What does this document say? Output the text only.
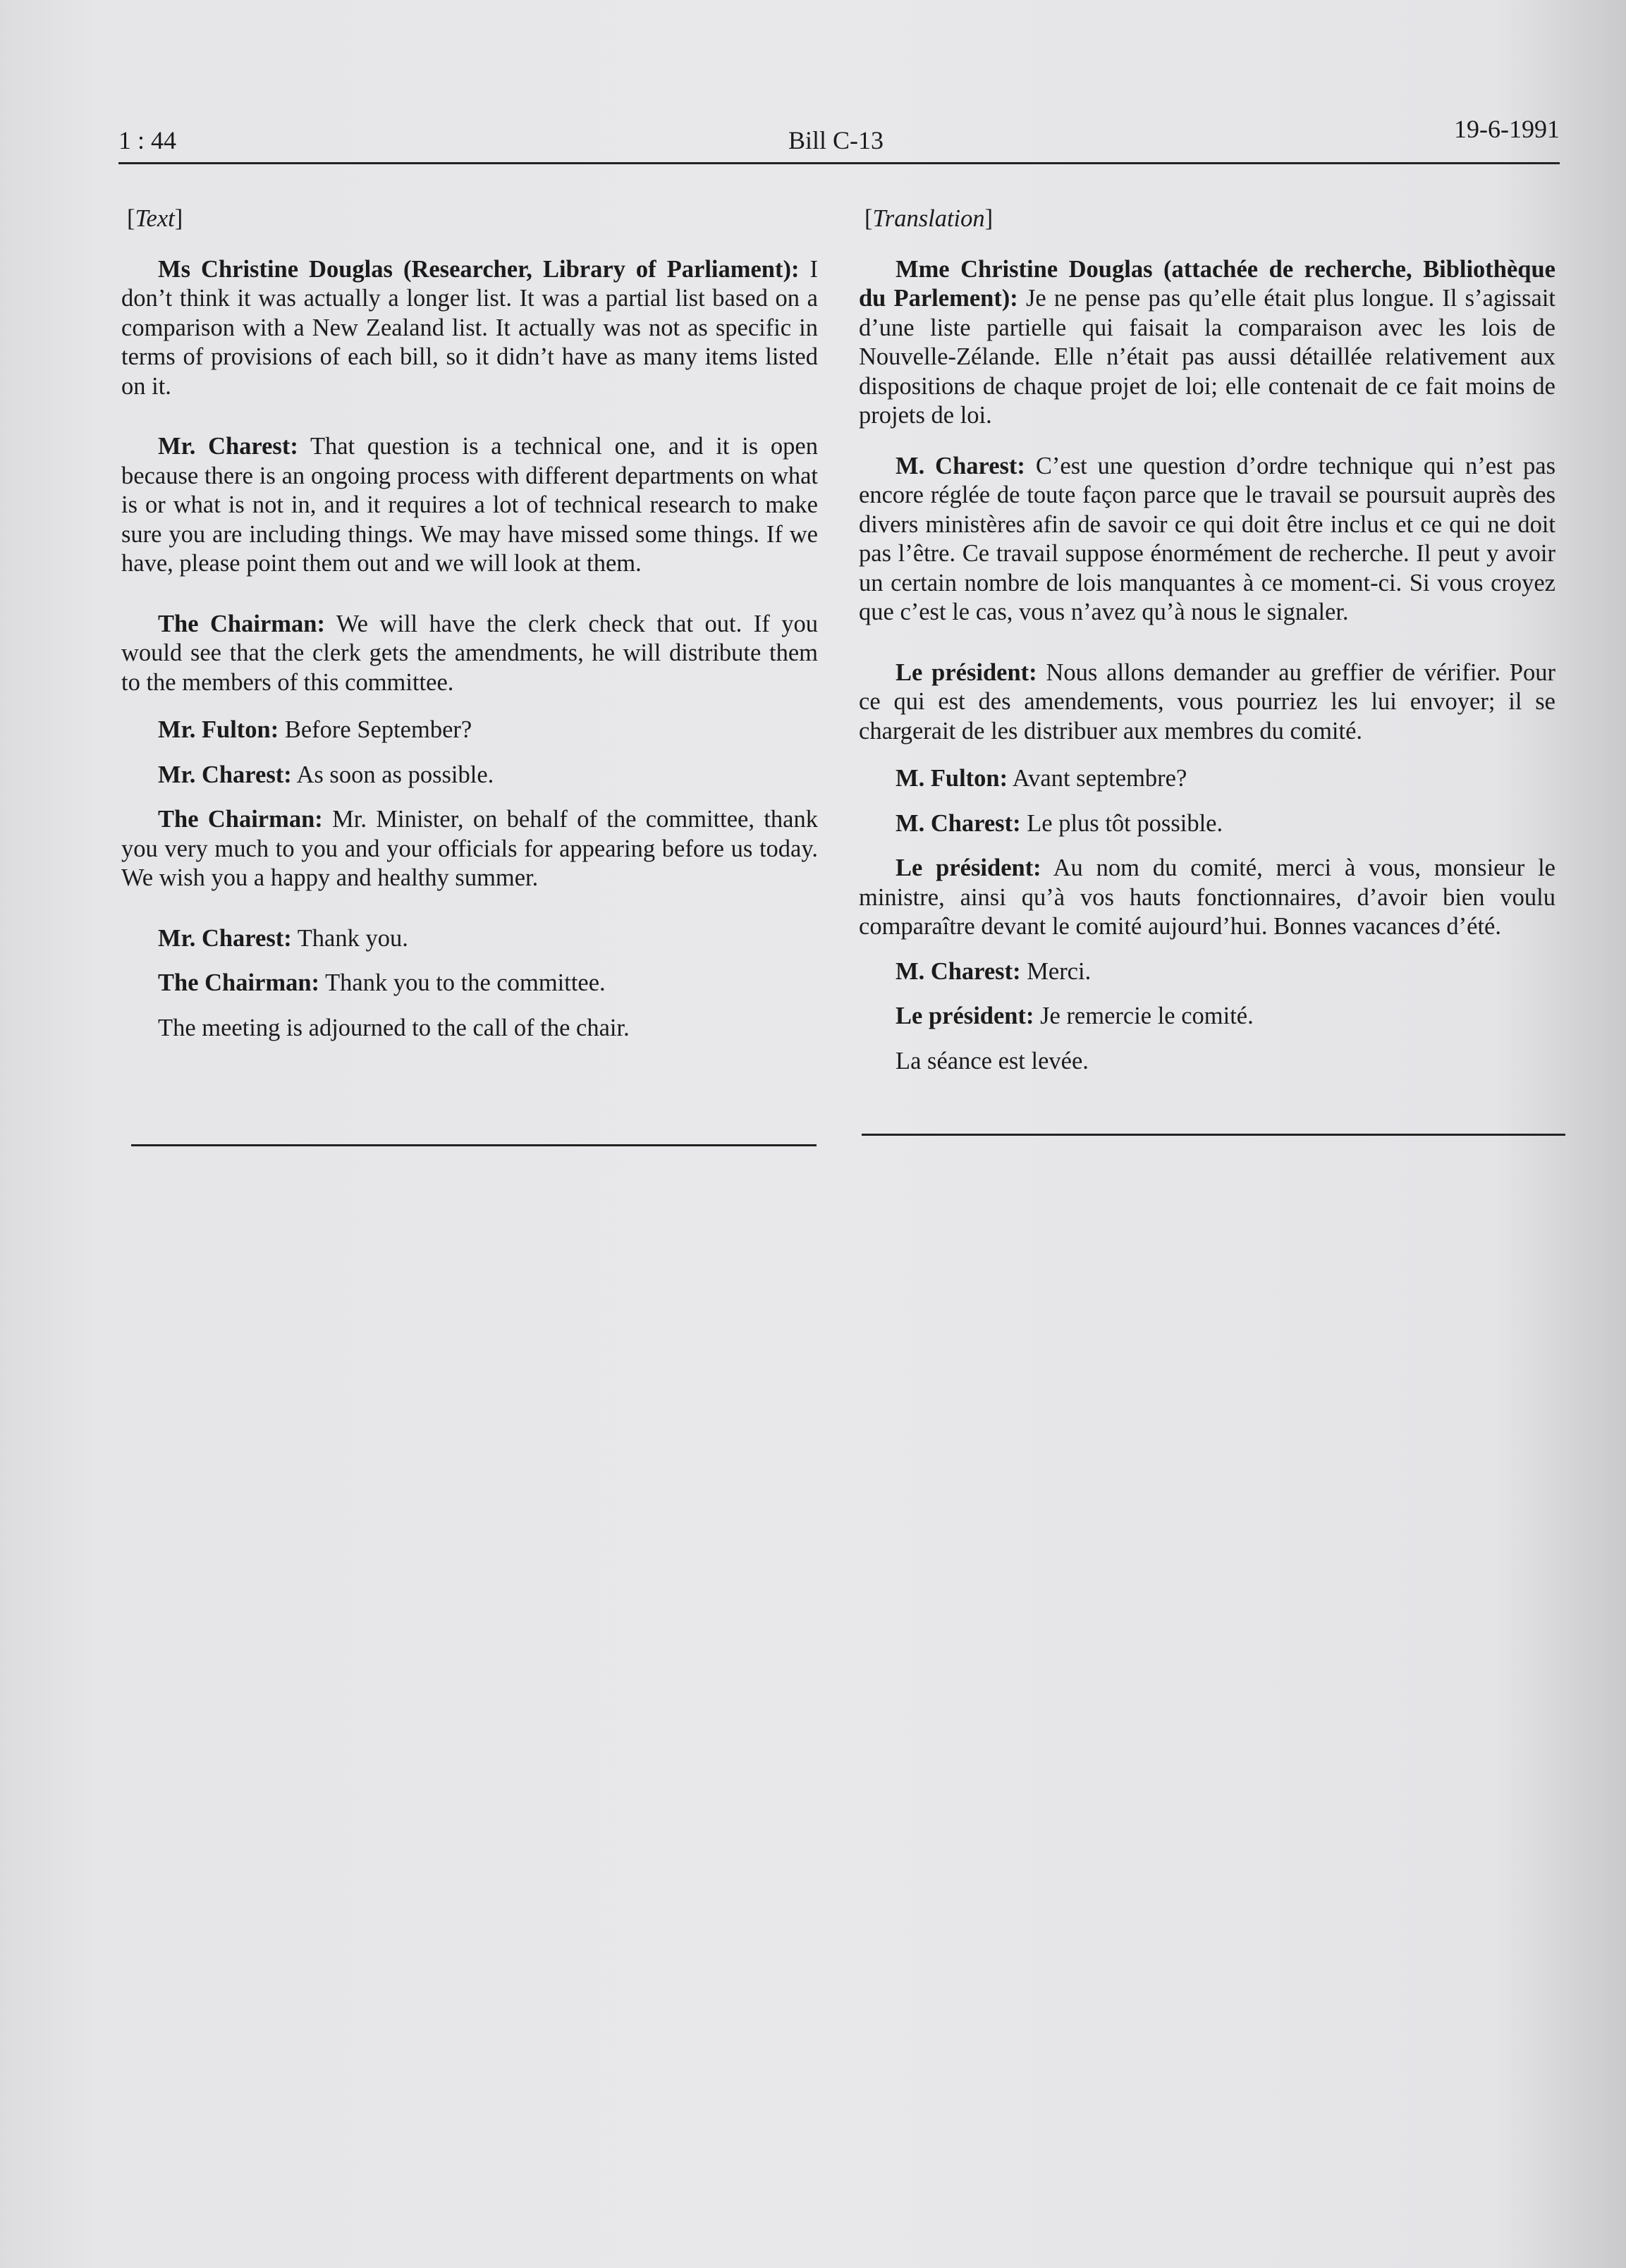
1 : 44	Bill C-13	19-6-1991
[Text]

Ms Christine Douglas (Researcher, Library of Parliament): I don’t think it was actually a longer list. It was a partial list based on a comparison with a New Zealand list. It actually was not as specific in terms of provisions of each bill, so it didn’t have as many items listed on it.

Mr. Charest: That question is a technical one, and it is open because there is an ongoing process with different departments on what is or what is not in, and it requires a lot of technical research to make sure you are including things. We may have missed some things. If we have, please point them out and we will look at them.

The Chairman: We will have the clerk check that out. If you would see that the clerk gets the amendments, he will distribute them to the members of this committee.

Mr. Fulton: Before September?

Mr. Charest: As soon as possible.

The Chairman: Mr. Minister, on behalf of the committee, thank you very much to you and your officials for appearing before us today. We wish you a happy and healthy summer.

Mr. Charest: Thank you.

The Chairman: Thank you to the committee.

The meeting is adjourned to the call of the chair.

[Translation]

Mme Christine Douglas (attachée de recherche, Bibliothèque du Parlement): Je ne pense pas qu’elle était plus longue. Il s’agissait d’une liste partielle qui faisait la comparaison avec les lois de Nouvelle-Zélande. Elle n’était pas aussi détaillée relativement aux dispositions de chaque projet de loi; elle contenait de ce fait moins de projets de loi.

M. Charest: C’est une question d’ordre technique qui n’est pas encore réglée de toute façon parce que le travail se poursuit auprès des divers ministères afin de savoir ce qui doit être inclus et ce qui ne doit pas l’être. Ce travail suppose énormément de recherche. Il peut y avoir un certain nombre de lois manquantes à ce moment-ci. Si vous croyez que c’est le cas, vous n’avez qu’à nous le signaler.

Le président: Nous allons demander au greffier de vérifier. Pour ce qui est des amendements, vous pourriez les lui envoyer; il se chargerait de les distribuer aux membres du comité.

M. Fulton: Avant septembre?

M. Charest: Le plus tôt possible.

Le président: Au nom du comité, merci à vous, monsieur le ministre, ainsi qu’à vos hauts fonctionnaires, d’avoir bien voulu comparaître devant le comité aujourd’hui. Bonnes vacances d’été.

M. Charest: Merci.

Le président: Je remercie le comité.

La séance est levée.
